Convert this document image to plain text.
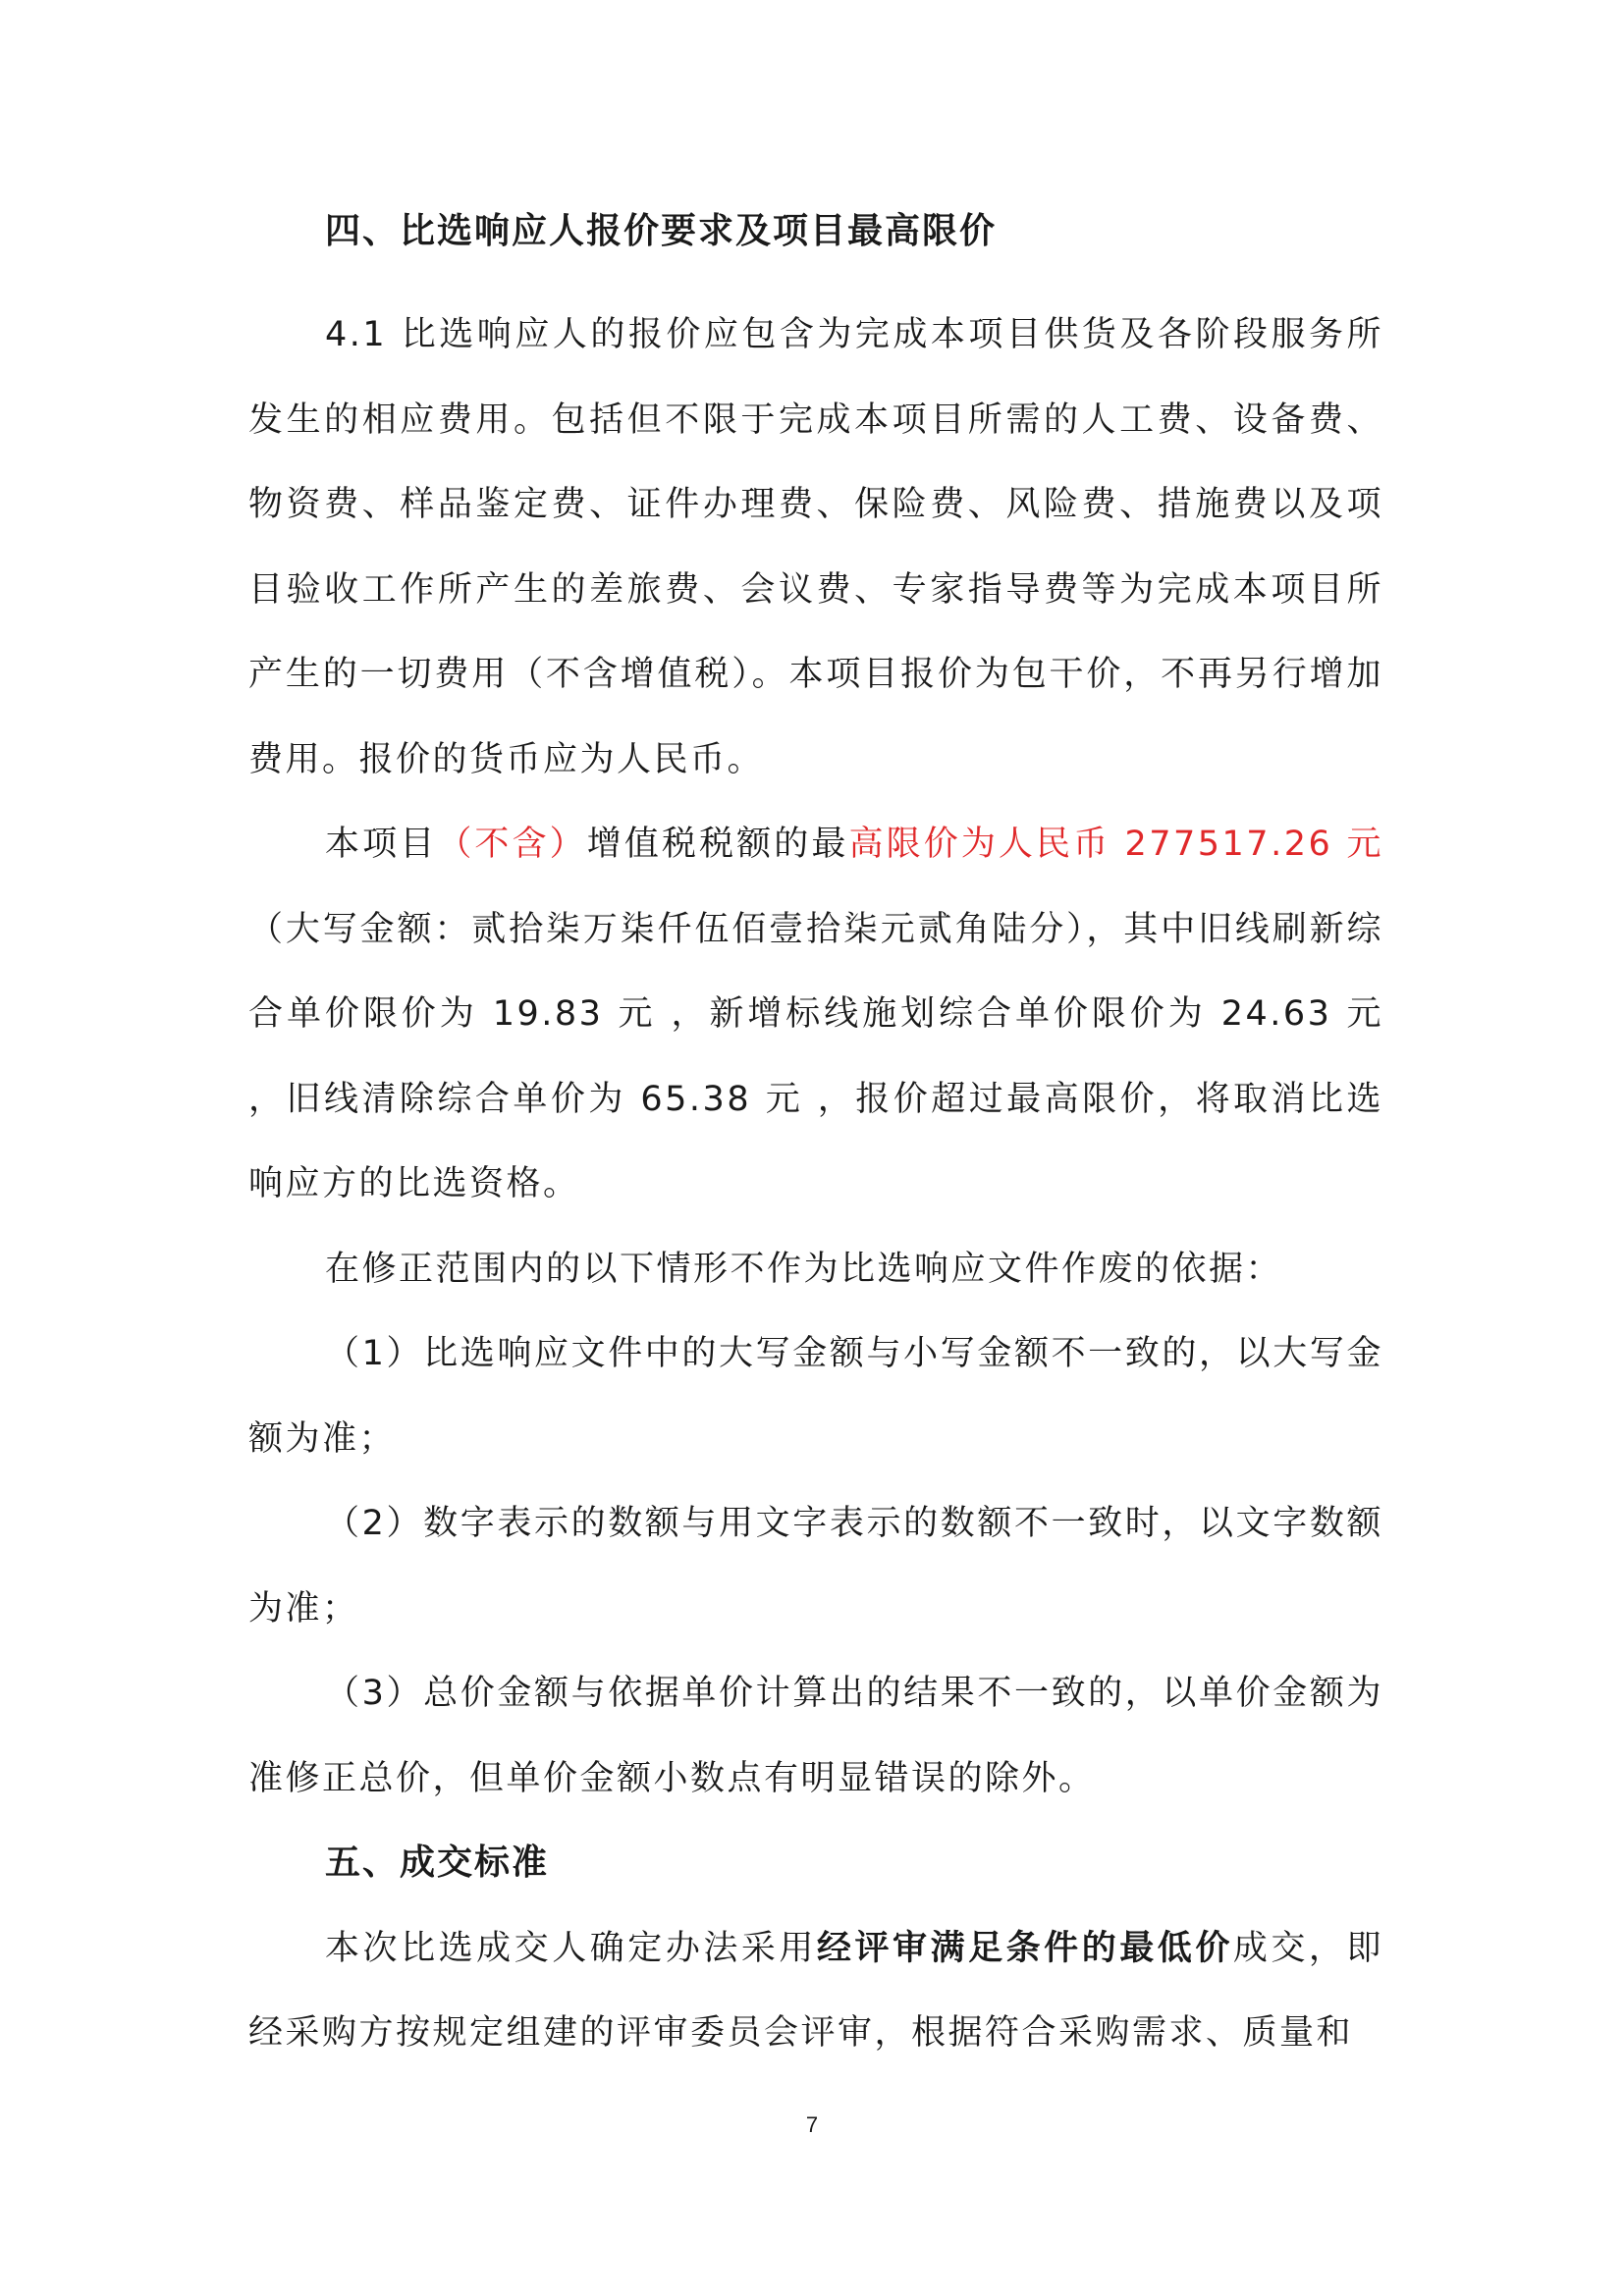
四、比选响应人报价要求及项目最高限价

4.1 比选响应人的报价应包含为完成本项目供货及各阶段服务所发生的相应费用。包括但不限于完成本项目所需的人工费、设备费、物资费、样品鉴定费、证件办理费、保险费、风险费、措施费以及项目验收工作所产生的差旅费、会议费、专家指导费等为完成本项目所产生的一切费用（不含增值税）。本项目报价为包干价，不再另行增加费用。报价的货币应为人民币。

本项目（不含）增值税税额的最高限价为人民币 277517.26 元（大写金额：贰拾柒万柒仟伍佰壹拾柒元贰角陆分），其中旧线刷新综合单价限价为 19.83 元 ，新增标线施划综合单价限价为 24.63 元 ，旧线清除综合单价为 65.38 元 ，报价超过最高限价，将取消比选响应方的比选资格。

在修正范围内的以下情形不作为比选响应文件作废的依据：

（1）比选响应文件中的大写金额与小写金额不一致的，以大写金额为准；

（2）数字表示的数额与用文字表示的数额不一致时，以文字数额为准；

（3）总价金额与依据单价计算出的结果不一致的，以单价金额为准修正总价，但单价金额小数点有明显错误的除外。

五、成交标准

本次比选成交人确定办法采用经评审满足条件的最低价成交，即经采购方按规定组建的评审委员会评审，根据符合采购需求、质量和

7
